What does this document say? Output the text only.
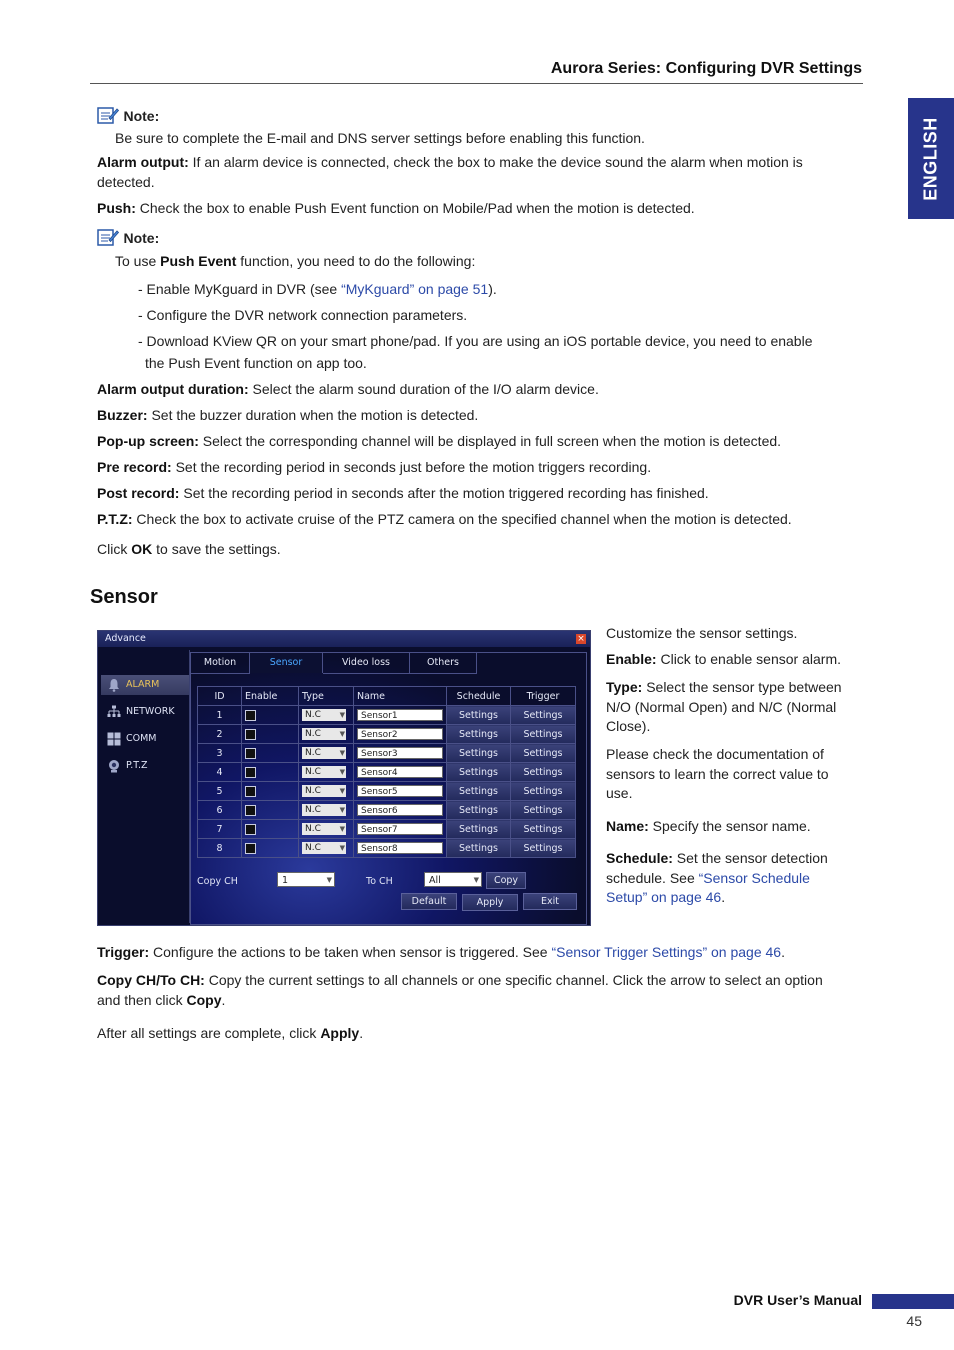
Aurora Series: Configuring DVR Settings
ENGLISH
Note:
Be sure to complete the E-mail and DNS server settings before enabling this function.
Alarm output: If an alarm device is connected, check the box to make the device sound the alarm when motion is detected.
Push: Check the box to enable Push Event function on Mobile/Pad when the motion is detected.
Note:
To use Push Event function, you need to do the following:
- Enable MyKguard in DVR (see “MyKguard” on page 51).
- Configure the DVR network connection parameters.
- Download KView QR on your smart phone/pad. If you are using an iOS portable device, you need to enable
the Push Event function on app too.
Alarm output duration: Select the alarm sound duration of the I/O alarm device.
Buzzer: Set the buzzer duration when the motion is detected.
Pop-up screen: Select the corresponding channel will be displayed in full screen when the motion is detected.
Pre record: Set the recording period in seconds just before the motion triggers recording.
Post record: Set the recording period in seconds after the motion triggered recording has finished.
P.T.Z: Check the box to activate cruise of the PTZ camera on the specified channel when the motion is detected.
Click OK to save the settings.
Sensor
Advance	×
ALARM
NETWORK
COMM
P.T.Z
Motion	Sensor	Video loss	Others
ID	Enable	Type	Name	Schedule	Trigger
1		N.C ▼	Sensor1	Settings	Settings
2		N.C ▼	Sensor2	Settings	Settings
3		N.C ▼	Sensor3	Settings	Settings
4		N.C ▼	Sensor4	Settings	Settings
5		N.C ▼	Sensor5	Settings	Settings
6		N.C ▼	Sensor6	Settings	Settings
7		N.C ▼	Sensor7	Settings	Settings
8		N.C ▼	Sensor8	Settings	Settings
Copy CH	1 ▼	To CH	All ▼	Copy
Default	Apply	Exit
Customize the sensor settings.
Enable: Click to enable sensor alarm.
Type: Select the sensor type between
N/O (Normal Open) and N/C (Normal
Close).
Please check the documentation of
sensors to learn the correct value to
use.
Name: Specify the sensor name.
Schedule: Set the sensor detection
schedule. See “Sensor Schedule
Setup” on page 46.
Trigger: Configure the actions to be taken when sensor is triggered. See “Sensor Trigger Settings” on page 46.
Copy CH/To CH: Copy the current settings to all channels or one specific channel. Click the arrow to select an option
and then click Copy.
After all settings are complete, click Apply.
DVR User’s Manual
45
